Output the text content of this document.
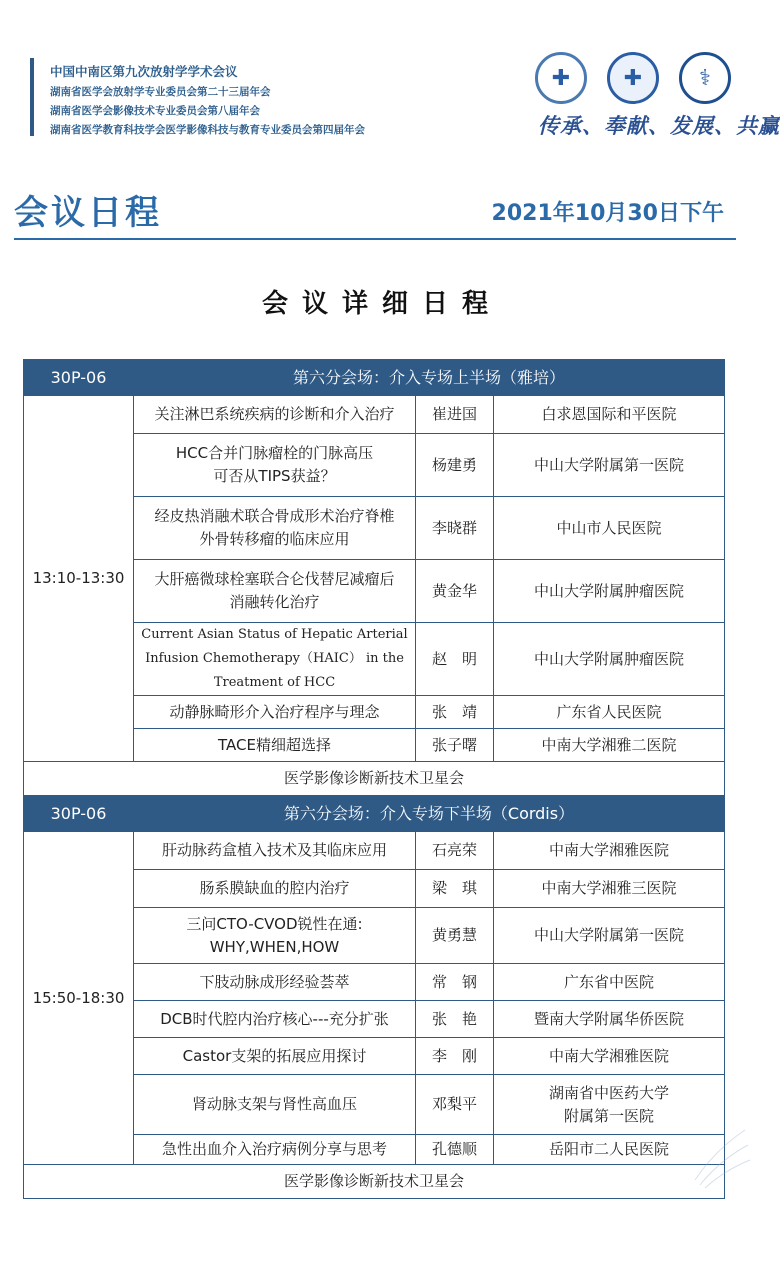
中国中南区第九次放射学学术会议
湖南省医学会放射学专业委员会第二十三届年会
湖南省医学会影像技术专业委员会第八届年会
湖南省医学教育科技学会医学影像科技与教育专业委员会第四届年会
✚ ✚	⚕
传承、奉献、发展、共赢
会议日程	2021年10月30日下午
会议详细日程
30P-06	第六分会场：介入专场上半场（雅培）		
13:10-13:30	关注淋巴系统疾病的诊断和介入治疗	崔进国	白求恩国际和平医院
	HCC合并门脉瘤栓的门脉高压
可否从TIPS获益？	杨建勇	中山大学附属第一医院
	经皮热消融术联合骨成形术治疗脊椎
外骨转移瘤的临床应用	李晓群	中山市人民医院
	大肝癌微球栓塞联合仑伐替尼减瘤后
消融转化治疗	黄金华	中山大学附属肿瘤医院
	Current Asian Status of Hepatic Arterial
Infusion Chemotherapy（HAIC） in the
Treatment of HCC	赵　明	中山大学附属肿瘤医院
	动静脉畸形介入治疗程序与理念	张　靖	广东省人民医院
	TACE精细超选择	张子曙	中南大学湘雅二医院
医学影像诊断新技术卫星会			
30P-06	第六分会场：介入专场下半场（Cordis）		
15:50-18:30	肝动脉药盒植入技术及其临床应用	石亮荣	中南大学湘雅医院
	肠系膜缺血的腔内治疗	梁　琪	中南大学湘雅三医院
	三问CTO-CVOD锐性在通:
WHY,WHEN,HOW	黄勇慧	中山大学附属第一医院
	下肢动脉成形经验荟萃	常　钢	广东省中医院
	DCB时代腔内治疗核心---充分扩张	张　艳	暨南大学附属华侨医院
	Castor支架的拓展应用探讨	李　刚	中南大学湘雅医院
	肾动脉支架与肾性高血压	邓梨平	湖南省中医药大学
附属第一医院
	急性出血介入治疗病例分享与思考	孔德顺	岳阳市二人民医院
医学影像诊断新技术卫星会			
